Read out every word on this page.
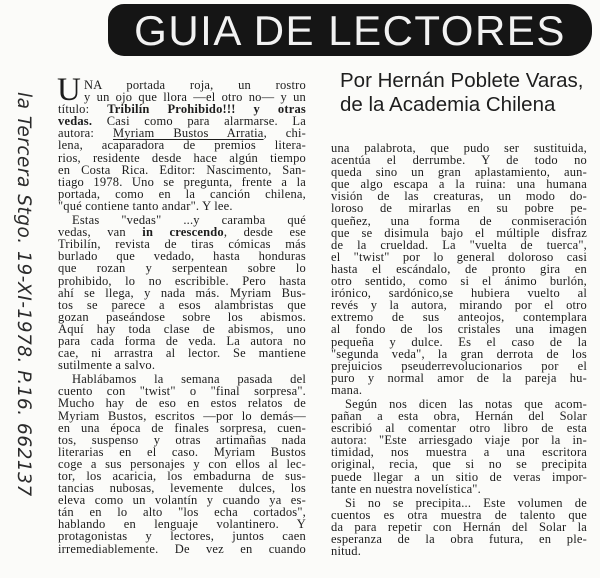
la Tercera Stgo. 19-XI-1978. P.16. 662137
GUIA DE LECTORES
Por Hernán Poblete Varas,
de la Academia Chilena
U NA portada roja, un rostro
y un ojo que llora —el otro no— y un
título: Tribilín Prohibido!!! y otras
vedas. Casi como para alarmarse. La
autora: Myriam Bustos Arratia, chi-
lena, acaparadora de premios litera-
rios, residente desde hace algún tiempo
en Costa Rica. Editor: Nascimento, San-
tiago 1978. Uno se pregunta, frente a la
portada, como en la canción chilena,
"qué contiene tanto andar". Y lee.
Estas "vedas" ...y caramba qué
vedas, van in crescendo, desde ese
Tribilín, revista de tiras cómicas más
burlado que vedado, hasta honduras
que rozan y serpentean sobre lo
prohibido, lo no escribible. Pero hasta
ahí se llega, y nada más. Myriam Bus-
tos se parece a esos alambristas que
gozan paseándose sobre los abismos.
Aquí hay toda clase de abismos, uno
para cada forma de veda. La autora no
cae, ni arrastra al lector. Se mantiene
sutilmente a salvo.
Hablábamos la semana pasada del
cuento con "twist" o "final sorpresa".
Mucho hay de eso en estos relatos de
Myriam Bustos, escritos —por lo demás—
en una época de finales sorpresa, cuen-
tos, suspenso y otras artimañas nada
literarias en el caso. Myriam Bustos
coge a sus personajes y con ellos al lec-
tor, los acaricia, los embadurna de sus-
tancias nubosas, levemente dulces, los
eleva como un volantín y cuando ya es-
tán en lo alto "los echa cortados",
hablando en lenguaje volantinero. Y
protagonistas y lectores, juntos caen
irremediablemente. De vez en cuando
una palabrota, que pudo ser sustituida,
acentúa el derrumbe. Y de todo no
queda sino un gran aplastamiento, aun-
que algo escapa a la ruina: una humana
visión de las creaturas, un modo do-
loroso de mirarlas en su pobre pe-
queñez, una forma de conmiseración
que se disimula bajo el múltiple disfraz
de la crueldad. La "vuelta de tuerca",
el "twist" por lo general doloroso casi
hasta el escándalo, de pronto gira en
otro sentido, como si el ánimo burlón,
irónico, sardónico,se hubiera vuelto al
revés y la autora, mirando por el otro
extremo de sus anteojos, contemplara
al fondo de los cristales una imagen
pequeña y dulce. Es el caso de la
"segunda veda", la gran derrota de los
prejuicios pseuderrevolucionarios por el
puro y normal amor de la pareja hu-
mana.
Según nos dicen las notas que acom-
pañan a esta obra, Hernán del Solar
escribió al comentar otro libro de esta
autora: "Este arriesgado viaje por la in-
timidad, nos muestra a una escritora
original, recia, que si no se precipita
puede llegar a un sitio de veras impor-
tante en nuestra novelística".
Si no se precipita... Este volumen de
cuentos es otra muestra de talento que
da para repetir con Hernán del Solar la
esperanza de la obra futura, en ple-
nitud.
